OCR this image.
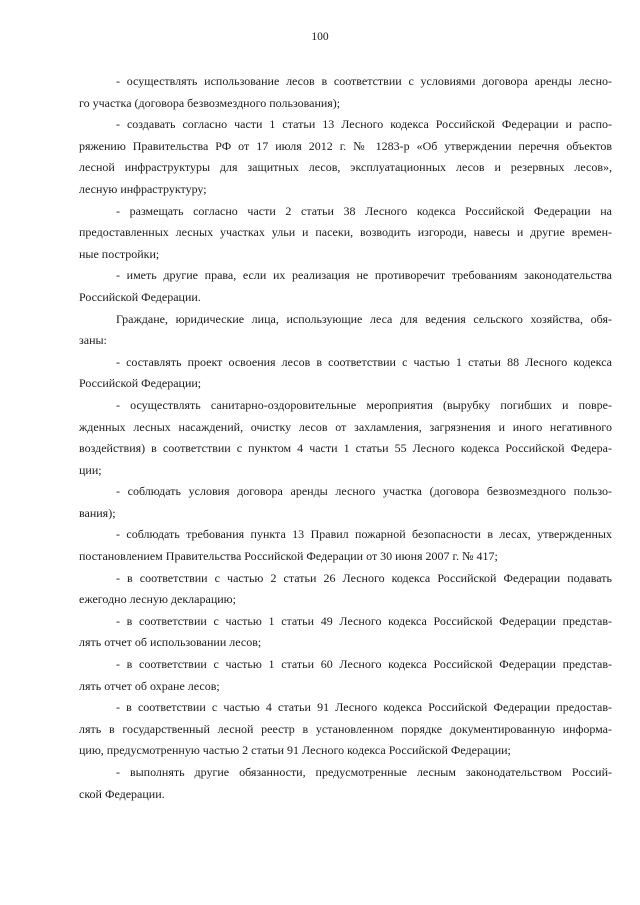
100

- осуществлять использование лесов в соответствии с условиями договора аренды лесно-
го участка (договора безвозмездного пользования);

- создавать согласно части 1 статьи 13 Лесного кодекса Российской Федерации и распо-
ряжению Правительства РФ от 17 июля 2012 г. № 1283-р «Об утверждении перечня объектов
лесной инфраструктуры для защитных лесов, эксплуатационных лесов и резервных лесов»,
лесную инфраструктуру;

- размещать согласно части 2 статьи 38 Лесного кодекса Российской Федерации на
предоставленных лесных участках ульи и пасеки, возводить изгороди, навесы и другие времен-
ные постройки;

- иметь другие права, если их реализация не противоречит требованиям законодательства
Российской Федерации.

Граждане, юридические лица, использующие леса для ведения сельского хозяйства, обя-
заны:

- составлять проект освоения лесов в соответствии с частью 1 статьи 88 Лесного кодекса
Российской Федерации;

- осуществлять санитарно-оздоровительные мероприятия (вырубку погибших и повре-
жденных лесных насаждений, очистку лесов от захламления, загрязнения и иного негативного
воздействия) в соответствии с пунктом 4 части 1 статьи 55 Лесного кодекса Российской Федера-
ции;

- соблюдать условия договора аренды лесного участка (договора безвозмездного пользо-
вания);

- соблюдать требования пункта 13 Правил пожарной безопасности в лесах, утвержденных
постановлением Правительства Российской Федерации от 30 июня 2007 г. № 417;

- в соответствии с частью 2 статьи 26 Лесного кодекса Российской Федерации подавать
ежегодно лесную декларацию;

- в соответствии с частью 1 статьи 49 Лесного кодекса Российской Федерации представ-
лять отчет об использовании лесов;

- в соответствии с частью 1 статьи 60 Лесного кодекса Российской Федерации представ-
лять отчет об охране лесов;

- в соответствии с частью 4 статьи 91 Лесного кодекса Российской Федерации предостав-
лять в государственный лесной реестр в установленном порядке документированную информа-
цию, предусмотренную частью 2 статьи 91 Лесного кодекса Российской Федерации;

- выполнять другие обязанности, предусмотренные лесным законодательством Россий-
ской Федерации.
